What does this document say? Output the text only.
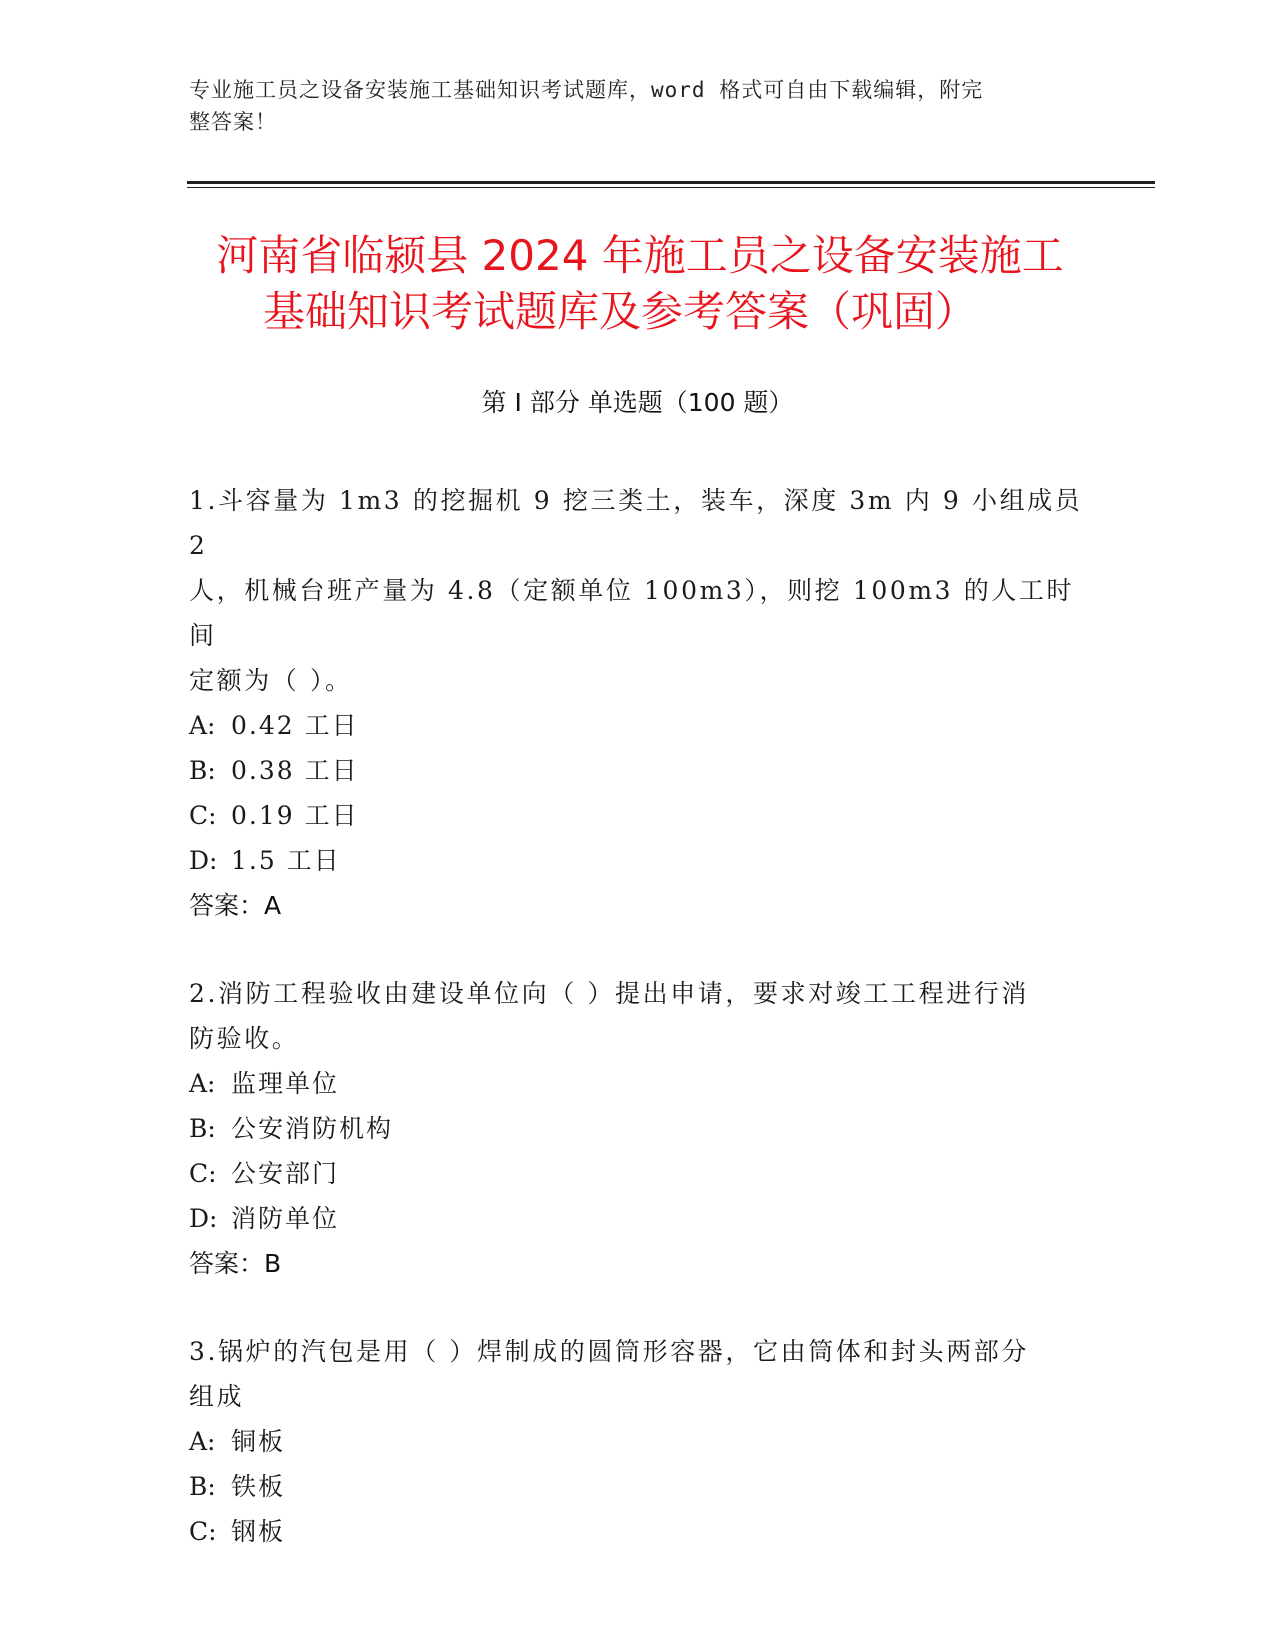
专业施工员之设备安装施工基础知识考试题库，word 格式可自由下载编辑，附完
整答案！
河南省临颍县 2024 年施工员之设备安装施工
基础知识考试题库及参考答案（巩固）
第 I 部分 单选题（100 题）
1.斗容量为 1m3 的挖掘机 9 挖三类土，装车，深度 3m 内 9 小组成员 2
人，机械台班产量为 4.8（定额单位 100m3），则挖 100m3 的人工时间
定额为（ ）。
A: 0.42 工日
B: 0.38 工日
C: 0.19 工日
D: 1.5 工日
答案：A
2.消防工程验收由建设单位向（ ）提出申请，要求对竣工工程进行消
防验收。
A: 监理单位
B: 公安消防机构
C: 公安部门
D: 消防单位
答案：B
3.锅炉的汽包是用（ ）焊制成的圆筒形容器，它由筒体和封头两部分
组成
A: 铜板
B: 铁板
C: 钢板
